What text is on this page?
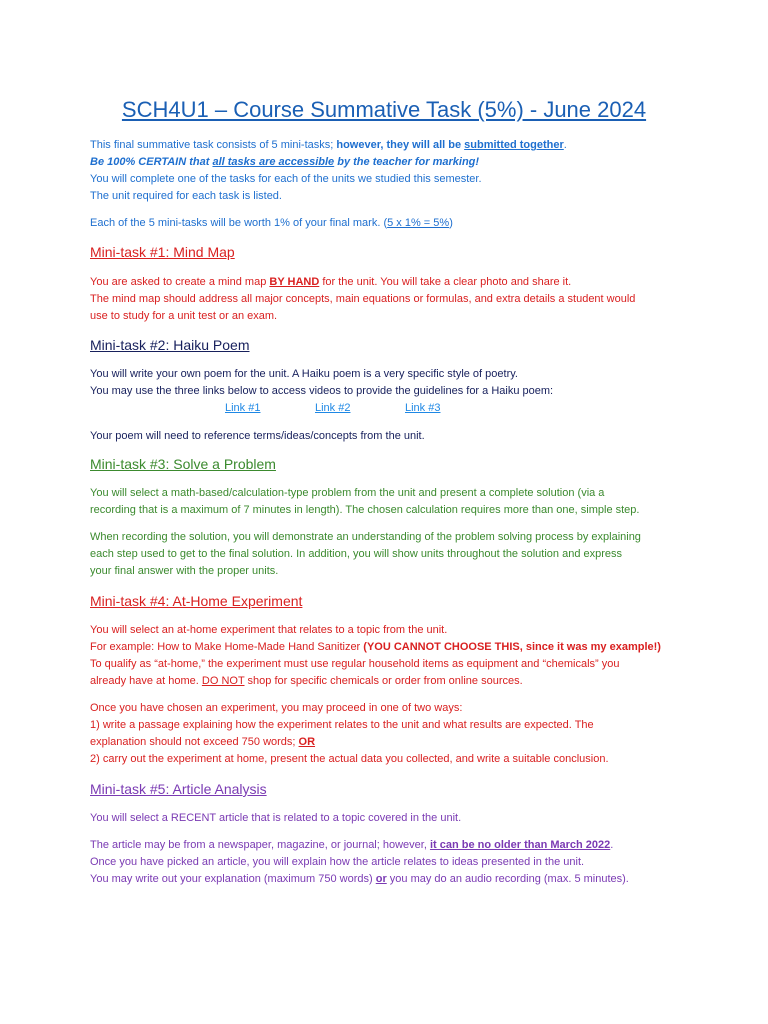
SCH4U1 – Course Summative Task (5%) - June 2024

This final summative task consists of 5 mini-tasks; however, they will all be submitted together.

Be 100% CERTAIN that all tasks are accessible by the teacher for marking!

You will complete one of the tasks for each of the units we studied this semester.

The unit required for each task is listed.

Each of the 5 mini-tasks will be worth 1% of your final mark. (5 x 1% = 5%)

Mini-task #1: Mind Map

You are asked to create a mind map BY HAND for the unit. You will take a clear photo and share it.

The mind map should address all major concepts, main equations or formulas, and extra details a student would

use to study for a unit test or an exam.

Mini-task #2: Haiku Poem

You will write your own poem for the unit. A Haiku poem is a very specific style of poetry.

You may use the three links below to access videos to provide the guidelines for a Haiku poem:

Link #1	Link #2	Link #3

Your poem will need to reference terms/ideas/concepts from the unit.

Mini-task #3: Solve a Problem

You will select a math-based/calculation-type problem from the unit and present a complete solution (via a

recording that is a maximum of 7 minutes in length). The chosen calculation requires more than one, simple step.

When recording the solution, you will demonstrate an understanding of the problem solving process by explaining

each step used to get to the final solution. In addition, you will show units throughout the solution and express

your final answer with the proper units.

Mini-task #4: At-Home Experiment

You will select an at-home experiment that relates to a topic from the unit.

For example: How to Make Home-Made Hand Sanitizer (YOU CANNOT CHOOSE THIS, since it was my example!)

To qualify as “at-home,” the experiment must use regular household items as equipment and “chemicals” you

already have at home. DO NOT shop for specific chemicals or order from online sources.

Once you have chosen an experiment, you may proceed in one of two ways:

1) write a passage explaining how the experiment relates to the unit and what results are expected. The

explanation should not exceed 750 words; OR

2) carry out the experiment at home, present the actual data you collected, and write a suitable conclusion.

Mini-task #5: Article Analysis

You will select a RECENT article that is related to a topic covered in the unit.

The article may be from a newspaper, magazine, or journal; however, it can be no older than March 2022.

Once you have picked an article, you will explain how the article relates to ideas presented in the unit.

You may write out your explanation (maximum 750 words) or you may do an audio recording (max. 5 minutes).
